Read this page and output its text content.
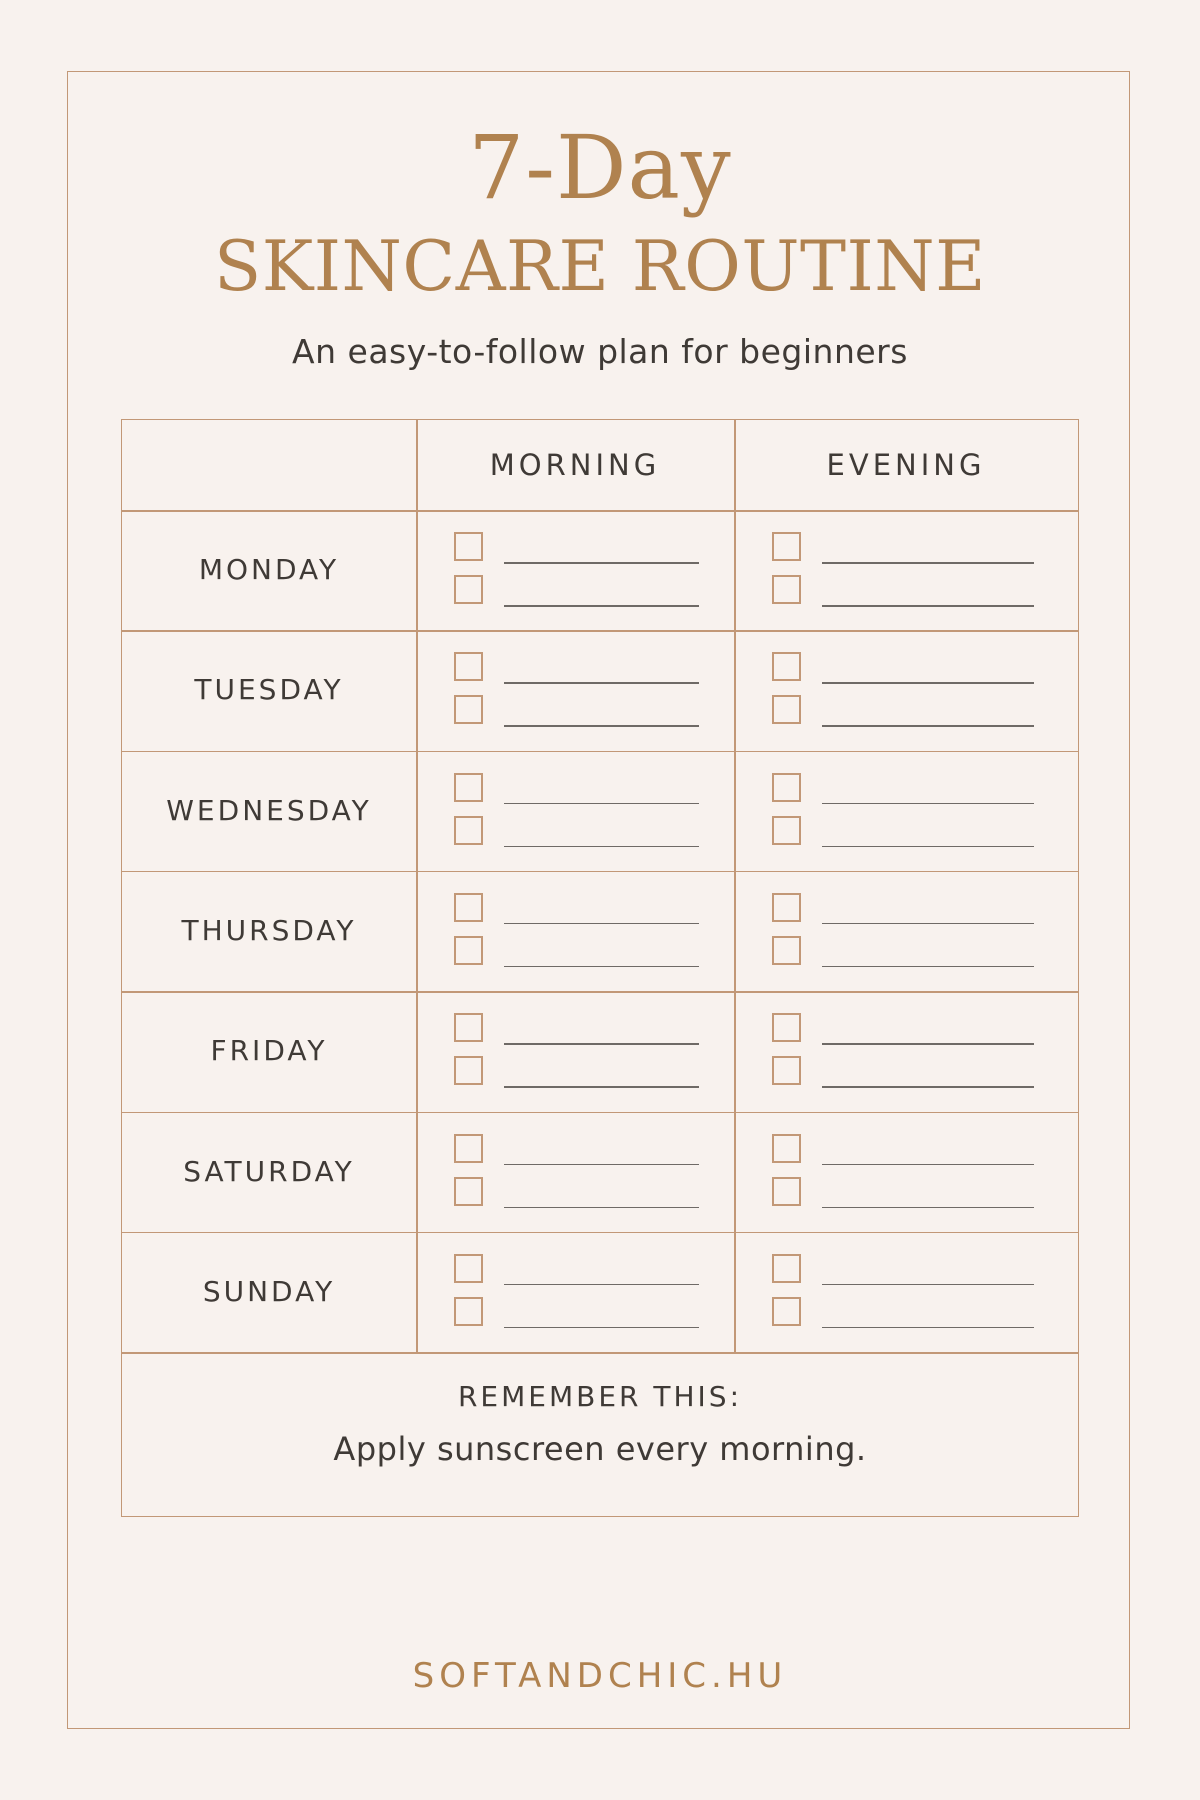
7-Day
SKINCARE ROUTINE
An easy-to-follow plan for beginners
MORNING	EVENING
MONDAY
TUESDAY
WEDNESDAY
THURSDAY
FRIDAY
SATURDAY
SUNDAY
REMEMBER THIS:
Apply sunscreen every morning.
SOFTANDCHIC.HU
